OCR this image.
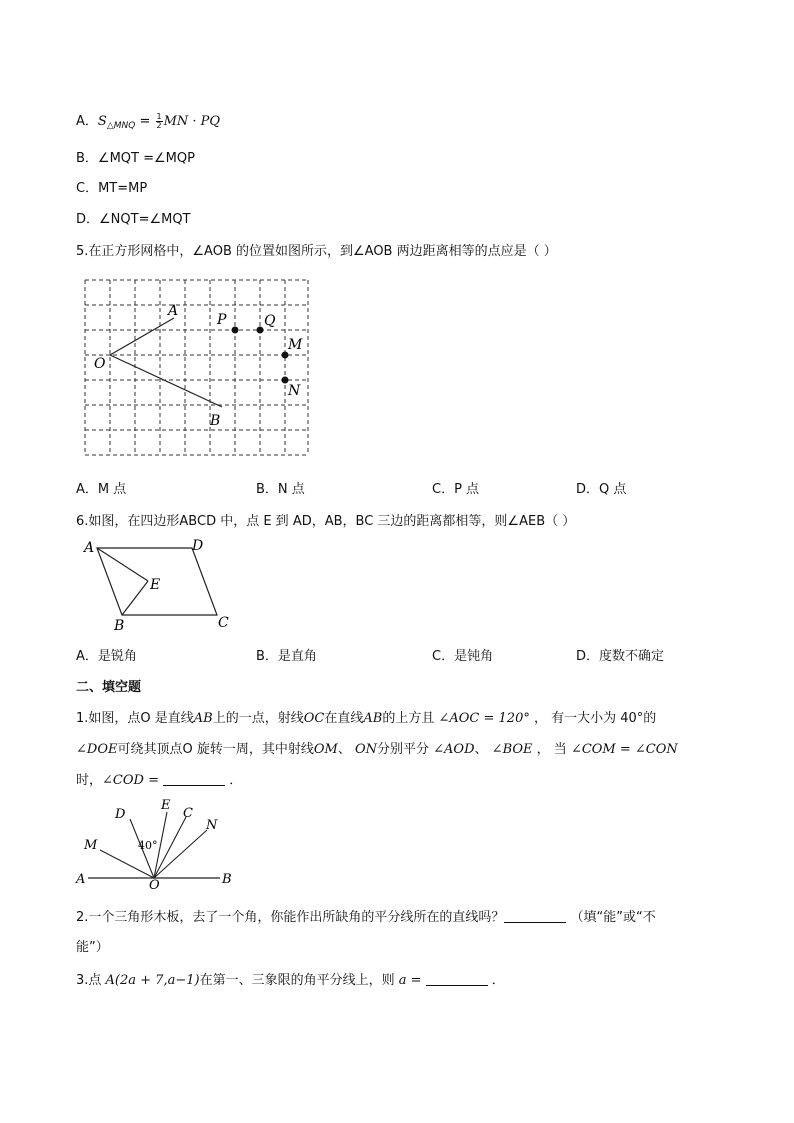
A．$S_{\triangle MNQ} = \frac{1}{2}$ MN · PQ
B．∠MQT =∠MQP
C．MT=MP
D．∠NQT=∠MQT
5.在正方形网格中，∠AOB 的位置如图所示，到∠AOB 两边距离相等的点应是（ ）
A
O
B
P	Q
M
N
A．M 点	B．N 点	C．P 点	D．Q 点
6.如图，在四边形ABCD 中，点 E 到 AD，AB，BC 三边的距离都相等，则∠AEB（ ）
A	D
E
B	C
A．是锐角	B．是直角	C．是钝角	D．度数不确定
二、填空题
1.如图，点O 是直线AB上的一点，射线OC在直线AB的上方且 ∠AOC = 120° ， 有一大小为 40°的
∠DOE可绕其顶点O 旋转一周，其中射线OM、 ON分别平分 ∠AOD、 ∠BOE ， 当 ∠COM = ∠CON
时，∠COD =	．
D
E
C
N
M
A	O	B
40°
2.一个三角形木板，去了一个角，你能作出所缺角的平分线所在的直线吗？	（填“能”或“不
能”）
3.点 A(2a + 7,a−1)在第一、三象限的角平分线上，则 a =	．
